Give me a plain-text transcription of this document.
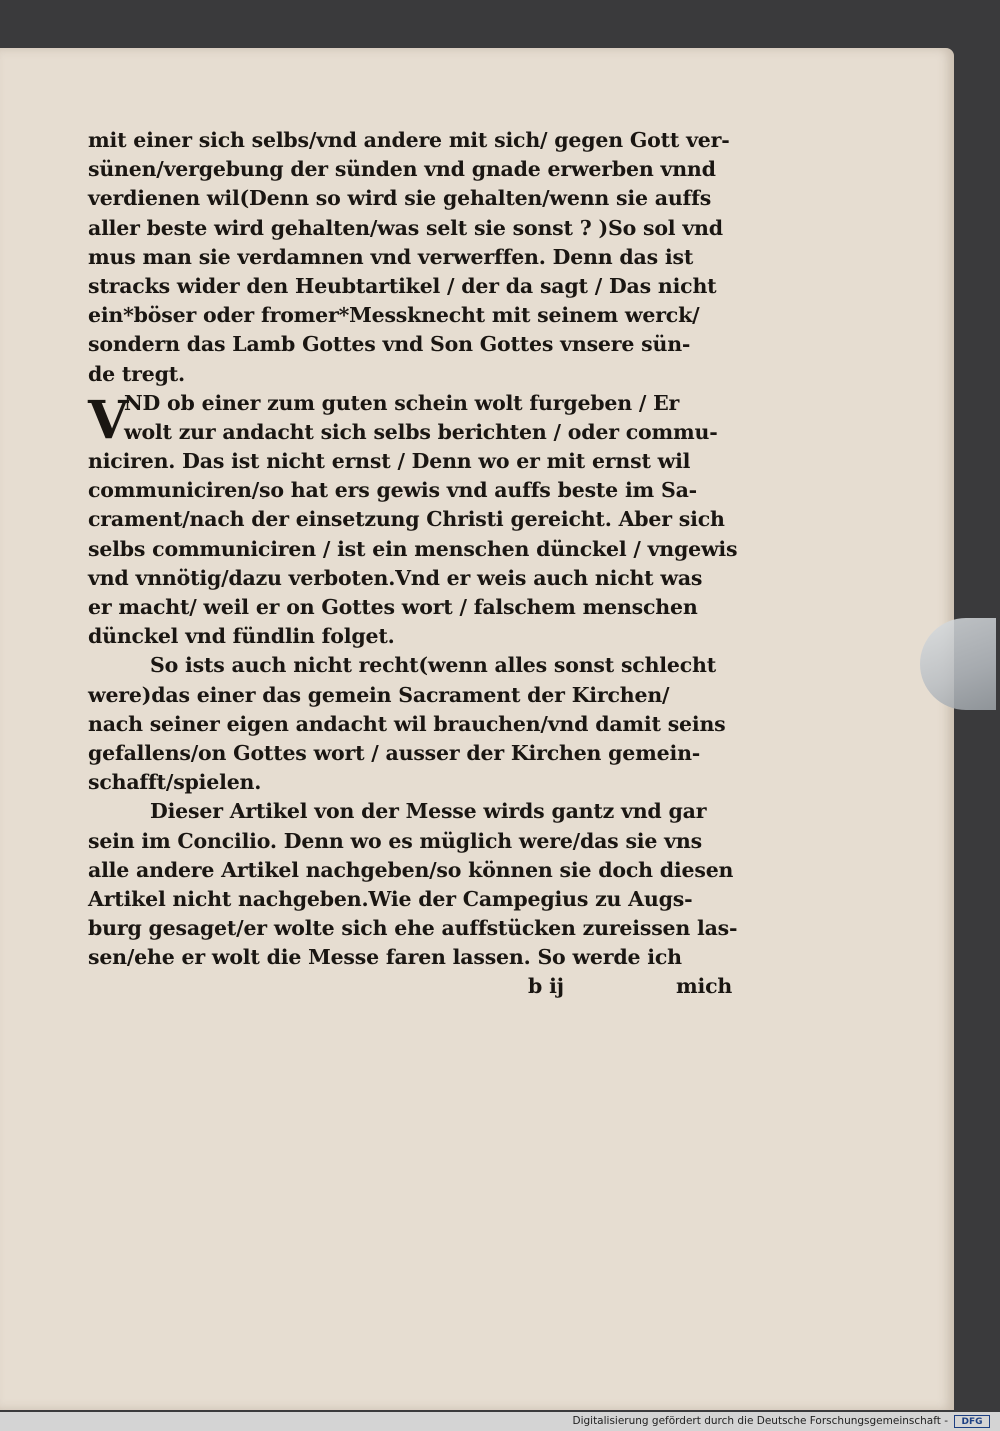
mit einer sich selbs/vnd andere mit sich/ gegen Gott ver-
sünen/vergebung der sünden vnd gnade erwerben vnnd
verdienen wil(Denn so wird sie gehalten/wenn sie auffs
aller beste wird gehalten/was selt sie sonst ? )So sol vnd
mus man sie verdamnen vnd verwerffen. Denn das ist
stracks wider den Heubtartikel / der da sagt / Das nicht
ein*böser oder fromer*Messknecht mit seinem werck/
sondern das Lamb Gottes vnd Son Gottes vnsere sün-
de tregt.
V
ND ob einer zum guten schein wolt furgeben / Er
wolt zur andacht sich selbs berichten / oder commu-
niciren. Das ist nicht ernst / Denn wo er mit ernst wil
communiciren/so hat ers gewis vnd auffs beste im Sa-
crament/nach der einsetzung Christi gereicht. Aber sich
selbs communiciren / ist ein menschen dünckel / vngewis
vnd vnnötig/dazu verboten.Vnd er weis auch nicht was
er macht/ weil er on Gottes wort / falschem menschen
dünckel vnd fündlin folget.
So ists auch nicht recht(wenn alles sonst schlecht
were)das einer das gemein Sacrament der Kirchen/
nach seiner eigen andacht wil brauchen/vnd damit seins
gefallens/on Gottes wort / ausser der Kirchen gemein-
schafft/spielen.
Dieser Artikel von der Messe wirds gantz vnd gar
sein im Concilio. Denn wo es müglich were/das sie vns
alle andere Artikel nachgeben/so können sie doch diesen
Artikel nicht nachgeben.Wie der Campegius zu Augs-
burg gesaget/er wolte sich ehe auffstücken zureissen las-
sen/ehe er wolt die Messe faren lassen. So werde ich
b ij	mich
Digitalisierung gefördert durch die Deutsche Forschungsgemeinschaft -	DFG
